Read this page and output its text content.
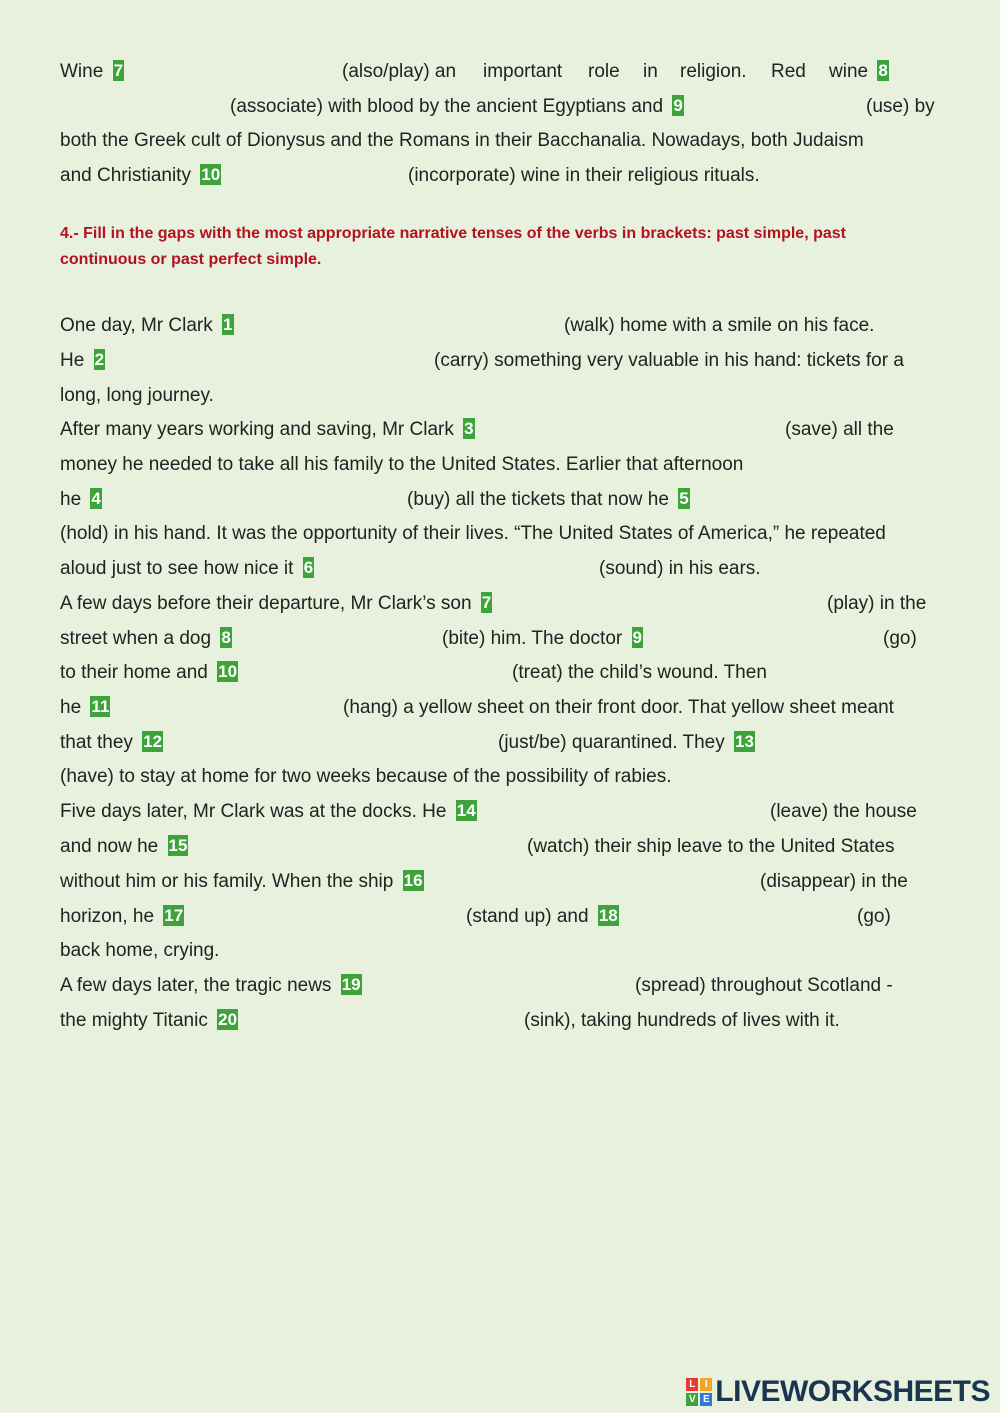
Wine 7	(also/play) an important role in religion. Red wine 8
(associate) with blood by the ancient Egyptians and 9	(use) by
both the Greek cult of Dionysus and the Romans in their Bacchanalia. Nowadays, both Judaism
and Christianity 10	(incorporate) wine in their religious rituals.
4.- Fill in the gaps with the most appropriate narrative tenses of the verbs in brackets: past simple, past continuous or past perfect simple.
One day, Mr Clark 1	(walk) home with a smile on his face.
He 2	(carry) something very valuable in his hand: tickets for a
long, long journey.
After many years working and saving, Mr Clark 3	(save) all the
money he needed to take all his family to the United States. Earlier that afternoon
he 4	(buy) all the tickets that now he 5
(hold) in his hand. It was the opportunity of their lives. “The United States of America,” he repeated
aloud just to see how nice it 6	(sound) in his ears.
A few days before their departure, Mr Clark’s son 7	(play) in the
street when a dog 8	(bite) him. The doctor 9	(go)
to their home and 10	(treat) the child’s wound. Then
he 11	(hang) a yellow sheet on their front door. That yellow sheet meant
that they 12	(just/be) quarantined. They 13
(have) to stay at home for two weeks because of the possibility of rabies.
Five days later, Mr Clark was at the docks. He 14	(leave) the house
and now he 15	(watch) their ship leave to the United States
without him or his family. When the ship 16	(disappear) in the
horizon, he 17	(stand up) and 18	(go)
back home, crying.
A few days later, the tragic news 19	(spread) throughout Scotland -
the mighty Titanic 20	(sink), taking hundreds of lives with it.
L I
V E LIVEWORKSHEETS
